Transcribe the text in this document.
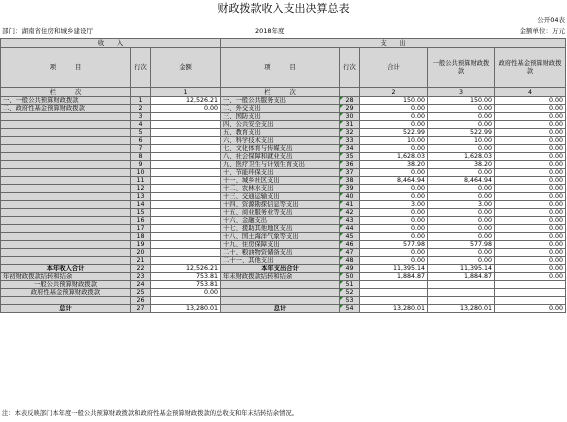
财政拨款收入支出决算总表
公开04表
部门：湖南省住房和城乡建设厅	2018年度	金额单位：万元
收　　入			支　　出				
项　　　目	行次	金额	项　　　目	行次	合计	一般公共预算财政拨款	政府性基金预算财政拨款
栏　　　次		1	栏　　　次		2	3	4
一、一般公共预算财政拨款	1	12,526.21	一、一般公共服务支出	28	150.00	150.00	0.00
二、政府性基金预算财政拨款	2	0.00	二、外交支出	29	0.00	0.00	0.00
	3		三、国防支出	30	0.00	0.00	0.00
	4		四、公共安全支出	31	0.00	0.00	0.00
	5		五、教育支出	32	522.99	522.99	0.00
	6		六、科学技术支出	33	10.00	10.00	0.00
	7		七、文化体育与传媒支出	34	0.00	0.00	0.00
	8		八、社会保障和就业支出	35	1,628.03	1,628.03	0.00
	9		九、医疗卫生与计划生育支出	36	38.20	38.20	0.00
	10		十、节能环保支出	37	0.00	0.00	0.00
	11		十一、城乡社区支出	38	8,464.94	8,464.94	0.00
	12		十二、农林水支出	39	0.00	0.00	0.00
	13		十三、交通运输支出	40	0.00	0.00	0.00
	14		十四、资源勘探信息等支出	41	3.00	3.00	0.00
	15		十五、商业服务业等支出	42	0.00	0.00	0.00
	16		十六、金融支出	43	0.00	0.00	0.00
	17		十七、援助其他地区支出	44	0.00	0.00	0.00
	18		十八、国土海洋气象等支出	45	0.00	0.00	0.00
	19		十九、住房保障支出	46	577.98	577.98	0.00
	20		二十、粮油物资储备支出	47	0.00	0.00	0.00
	21		二十一、其他支出	48	0.00	0.00	0.00
本年收入合计	22	12,526.21	本年支出合计	49	11,395.14	11,395.14	0.00
年初财政拨款结转和结余	23	753.81	年末财政拨款结转和结余	50	1,884.87	1,884.87	0.00
一般公共预算财政拨款	24	753.81		51			
政府性基金预算财政拨款	25	0.00		52			
	26			53			
总计	27	13,280.01	总计	54	13,280.01	13,280.01	0.00
注：本表反映部门本年度一般公共预算财政拨款和政府性基金预算财政拨款的总收支和年末结转结余情况。
